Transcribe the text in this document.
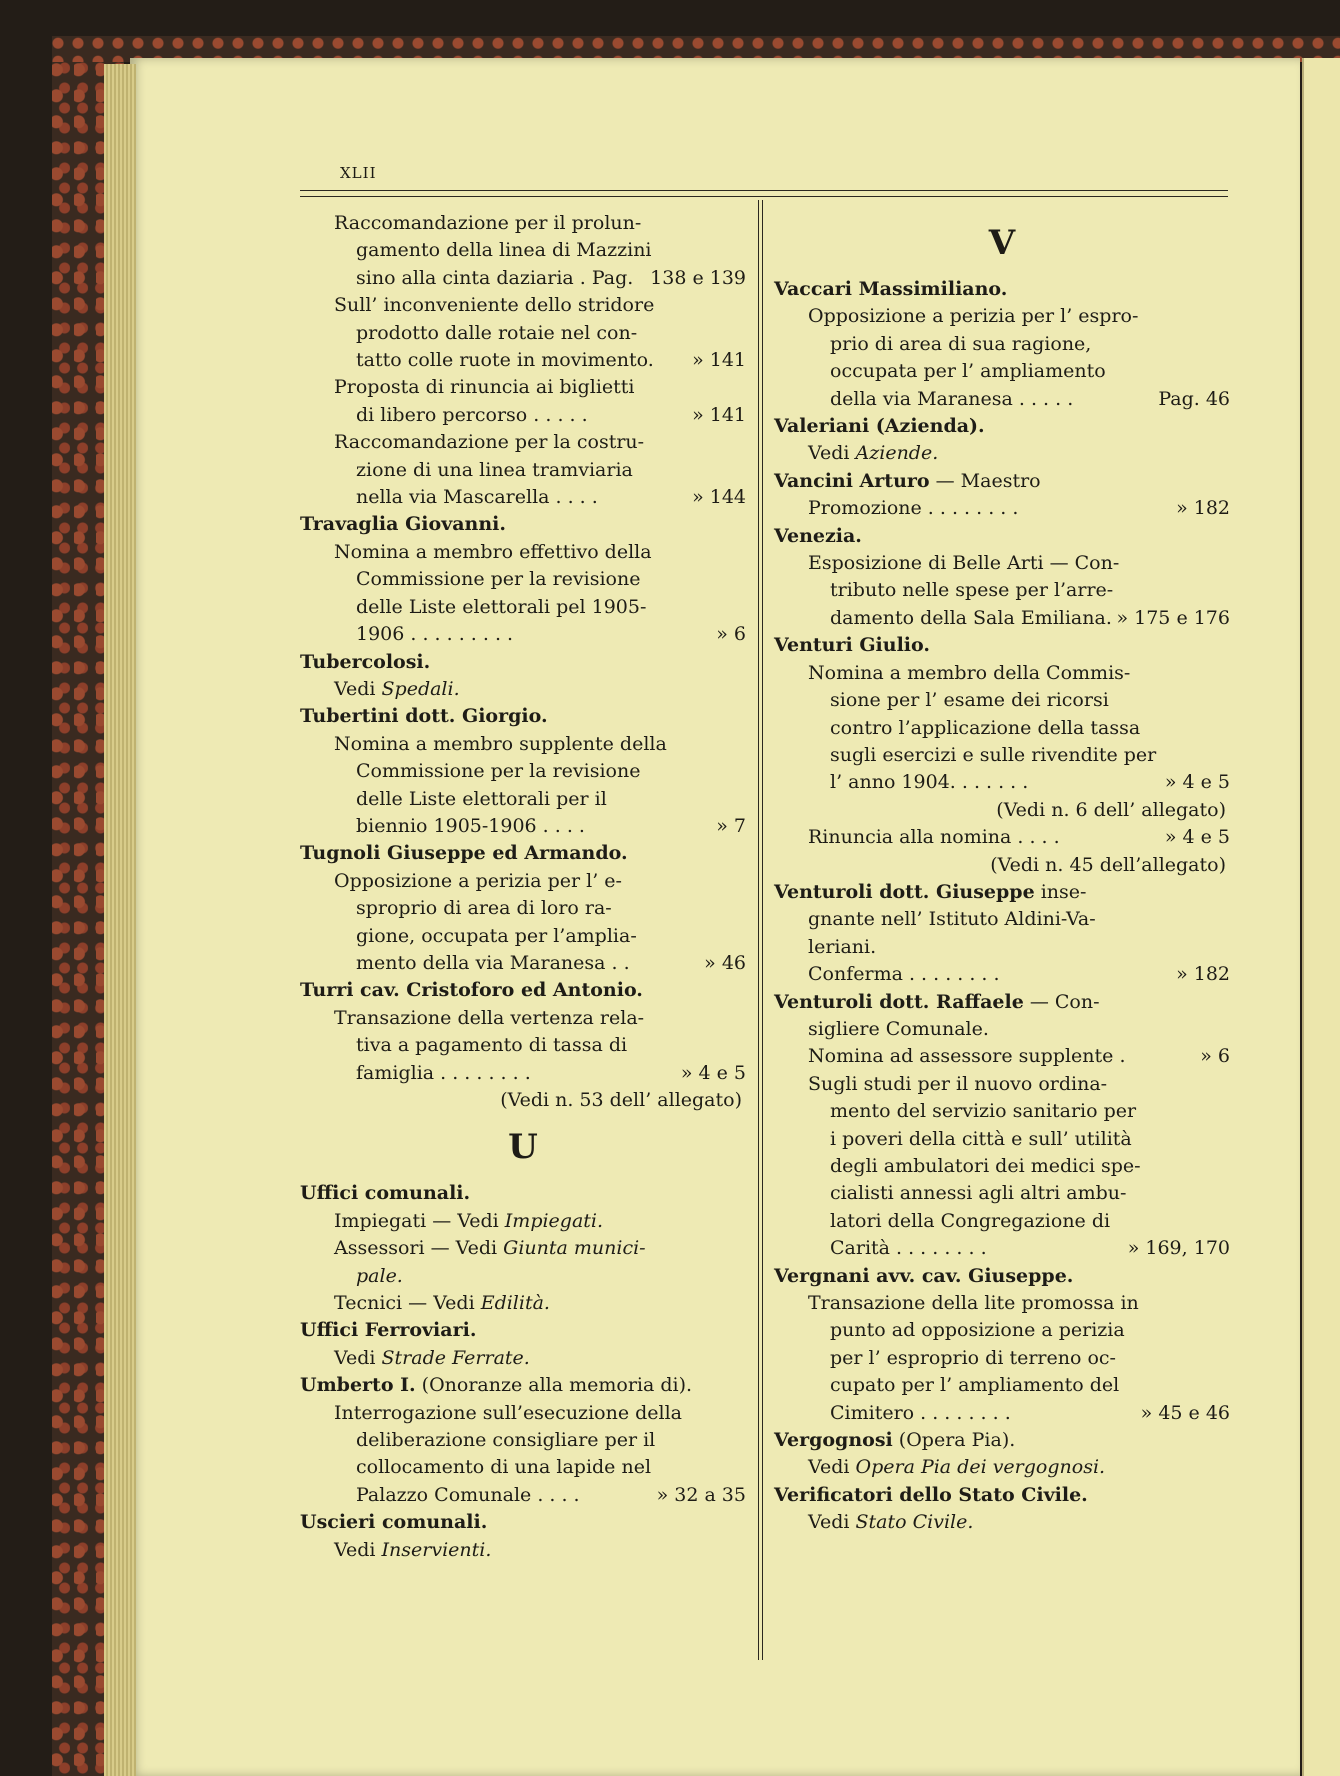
XLII
Raccomandazione per il prolun-
gamento della linea di Mazzini
sino alla cinta daziaria . Pag. 138 e 139
Sull’ inconveniente dello stridore
prodotto dalle rotaie nel con-
tatto colle ruote in movimento. » 141
Proposta di rinuncia ai biglietti
di libero percorso . . . . .	» 141
Raccomandazione per la costru-
zione di una linea tramviaria
nella via Mascarella . . . .	» 144
Travaglia Giovanni.
Nomina a membro effettivo della
Commissione per la revisione
delle Liste elettorali pel 1905-
1906 . . . . . . . . .	» 6
Tubercolosi.
Vedi Spedali.
Tubertini dott. Giorgio.
Nomina a membro supplente della
Commissione per la revisione
delle Liste elettorali per il
biennio 1905-1906 . . . .	» 7
Tugnoli Giuseppe ed Armando.
Opposizione a perizia per l’ e-
sproprio di area di loro ra-
gione, occupata per l’amplia-
mento della via Maranesa . .	» 46
Turri cav. Cristoforo ed Antonio.
Transazione della vertenza rela-
tiva a pagamento di tassa di
famiglia . . . . . . . .	» 4 e 5
(Vedi n. 53 dell’ allegato)
U
Uffici comunali.
Impiegati — Vedi Impiegati.
Assessori — Vedi Giunta munici-
pale.
Tecnici — Vedi Edilità.
Uffici Ferroviari.
Vedi Strade Ferrate.
Umberto I. (Onoranze alla memoria di).
Interrogazione sull’esecuzione della
deliberazione consigliare per il
collocamento di una lapide nel
Palazzo Comunale . . . .	» 32 a 35
Uscieri comunali.
Vedi Inservienti.
V
Vaccari Massimiliano.
Opposizione a perizia per l’ espro-
prio di area di sua ragione,
occupata per l’ ampliamento
della via Maranesa . . . . .	Pag. 46
Valeriani (Azienda).
Vedi Aziende.
Vancini Arturo — Maestro
Promozione . . . . . . . .	» 182
Venezia.
Esposizione di Belle Arti — Con-
tributo nelle spese per l’arre-
damento della Sala Emiliana. » 175 e 176
Venturi Giulio.
Nomina a membro della Commis-
sione per l’ esame dei ricorsi
contro l’applicazione della tassa
sugli esercizi e sulle rivendite per
l’ anno 1904. . . . . . .	» 4 e 5
(Vedi n. 6 dell’ allegato)
Rinuncia alla nomina . . . .	» 4 e 5
(Vedi n. 45 dell’allegato)
Venturoli dott. Giuseppe inse-
gnante nell’ Istituto Aldini-Va-
leriani.
Conferma . . . . . . . .	» 182
Venturoli dott. Raffaele — Con-
sigliere Comunale.
Nomina ad assessore supplente .	» 6
Sugli studi per il nuovo ordina-
mento del servizio sanitario per
i poveri della città e sull’ utilità
degli ambulatori dei medici spe-
cialisti annessi agli altri ambu-
latori della Congregazione di
Carità . . . . . . . .	» 169, 170
Vergnani avv. cav. Giuseppe.
Transazione della lite promossa in
punto ad opposizione a perizia
per l’ esproprio di terreno oc-
cupato per l’ ampliamento del
Cimitero . . . . . . . .	» 45 e 46
Vergognosi (Opera Pia).
Vedi Opera Pia dei vergognosi.
Verificatori dello Stato Civile.
Vedi Stato Civile.
